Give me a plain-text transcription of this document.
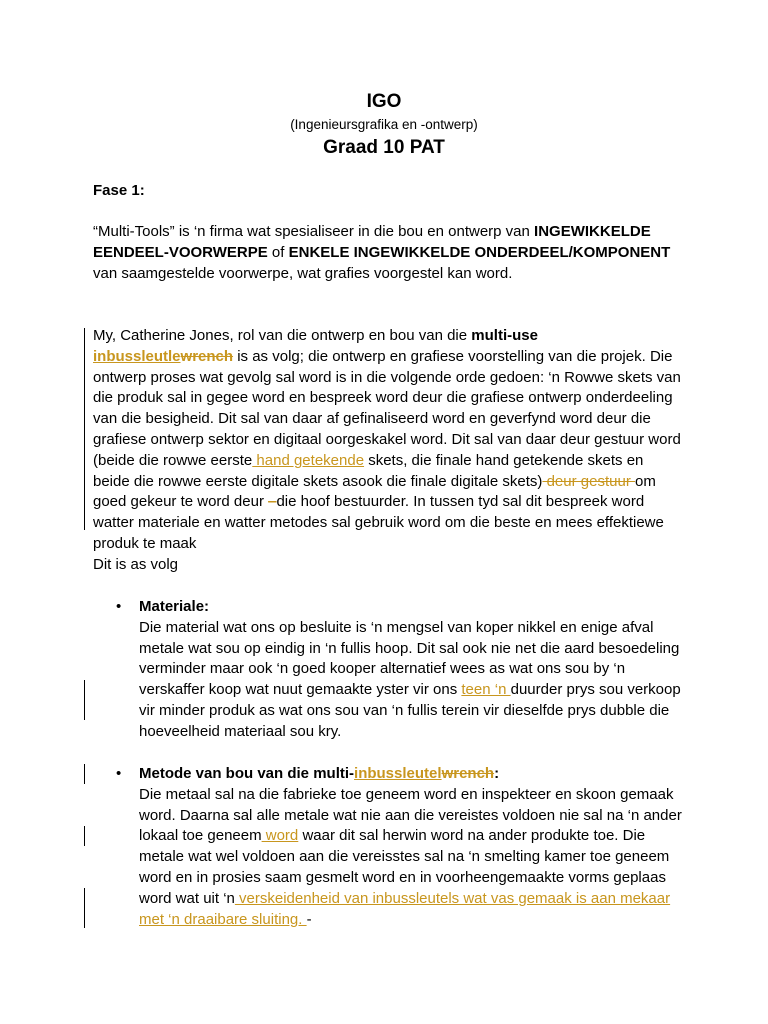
IGO
(Ingenieursgrafika en -ontwerp)
Graad 10 PAT
Fase 1:
“Multi-Tools” is ‘n firma wat spesialiseer in die bou en ontwerp van INGEWIKKELDE EENDEEL-VOORWERPE of ENKELE INGEWIKKELDE ONDERDEEL/KOMPONENT van saamgestelde voorwerpe, wat grafies voorgestel kan word.
My, Catherine Jones, rol van die ontwerp en bou van die multi-use
inbussleutlewrench is as volg; die ontwerp en grafiese voorstelling van die projek. Die ontwerp proses wat gevolg sal word is in die volgende orde gedoen: ‘n Rowwe skets van die produk sal in gegee word en bespreek word deur die grafiese ontwerp onderdeeling van die besigheid. Dit sal van daar af gefinaliseerd word en geverfynd word deur die grafiese ontwerp sektor en digitaal oorgeskakel word. Dit sal van daar deur gestuur word (beide die rowwe eerste hand getekende skets, die finale hand getekende skets en beide die rowwe eerste digitale skets asook die finale digitale skets) deur gestuur om goed gekeur te word deur –die hoof bestuurder. In tussen tyd sal dit bespreek word watter materiale en watter metodes sal gebruik word om die beste en mees effektiewe produk te maak
Dit is as volg
•	Materiale:
Die material wat ons op besluite is ‘n mengsel van koper nikkel en enige afval metale wat sou op eindig in ‘n fullis hoop. Dit sal ook nie net die aard besoedeling verminder maar ook ‘n goed kooper alternatief wees as wat ons sou by ‘n verskaffer koop wat nuut gemaakte yster vir ons teen ‘n duurder prys sou verkoop vir minder produk as wat ons sou van ‘n fullis terein vir dieselfde prys dubble die hoeveelheid materiaal sou kry.
•	Metode van bou van die multi-inbussleutelwrench:
Die metaal sal na die fabrieke toe geneem word en inspekteer en skoon gemaak word. Daarna sal alle metale wat nie aan die vereistes voldoen nie sal na ‘n ander lokaal toe geneem word waar dit sal herwin word na ander produkte toe. Die metale wat wel voldoen aan die vereisstes sal na ‘n smelting kamer toe geneem word en in prosies saam gesmelt word en in voorheengemaakte vorms geplaas word wat uit ‘n verskeidenheid van inbussleutels wat vas gemaak is aan mekaar met ‘n draaibare sluiting. -
